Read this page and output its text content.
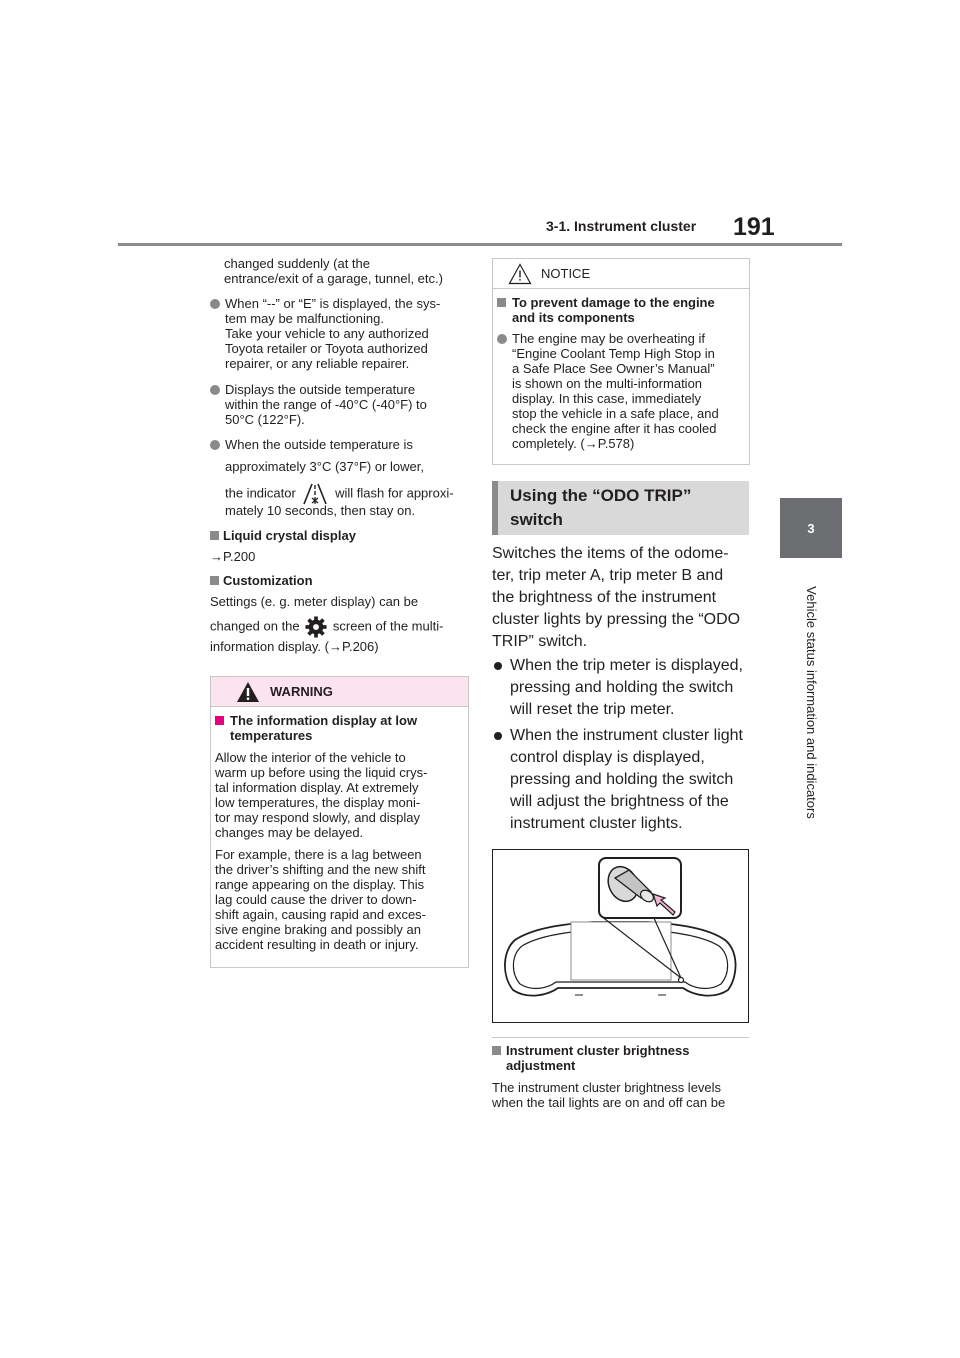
3-1. Instrument cluster 191
3
Vehicle status information and indicators
changed suddenly (at the
entrance/exit of a garage, tunnel, etc.)
When “--” or “E” is displayed, the sys-
tem may be malfunctioning.
Take your vehicle to any authorized
Toyota retailer or Toyota authorized
repairer, or any reliable repairer.
Displays the outside temperature
within the range of -40°C (-40°F) to
50°C (122°F).
When the outside temperature is
approximately 3°C (37°F) or lower,
the indicator	will flash for approxi-
mately 10 seconds, then stay on.
Liquid crystal display
→P.200
Customization
Settings (e. g. meter display) can be
changed on the	screen of the multi-
information display. (→P.206)
WARNING
The information display at low
temperatures
Allow the interior of the vehicle to
warm up before using the liquid crys-
tal information display. At extremely
low temperatures, the display moni-
tor may respond slowly, and display
changes may be delayed.
For example, there is a lag between
the driver’s shifting and the new shift
range appearing on the display. This
lag could cause the driver to down-
shift again, causing rapid and exces-
sive engine braking and possibly an
accident resulting in death or injury.
NOTICE
To prevent damage to the engine
and its components
The engine may be overheating if
“Engine Coolant Temp High Stop in
a Safe Place See Owner’s Manual”
is shown on the multi-information
display. In this case, immediately
stop the vehicle in a safe place, and
check the engine after it has cooled
completely. (→P.578)
Using the “ODO TRIP”
switch
Switches the items of the odome-
ter, trip meter A, trip meter B and
the brightness of the instrument
cluster lights by pressing the “ODO
TRIP” switch.
When the trip meter is displayed,
pressing and holding the switch
will reset the trip meter.
When the instrument cluster light
control display is displayed,
pressing and holding the switch
will adjust the brightness of the
instrument cluster lights.
Instrument cluster brightness
adjustment
The instrument cluster brightness levels
when the tail lights are on and off can be
